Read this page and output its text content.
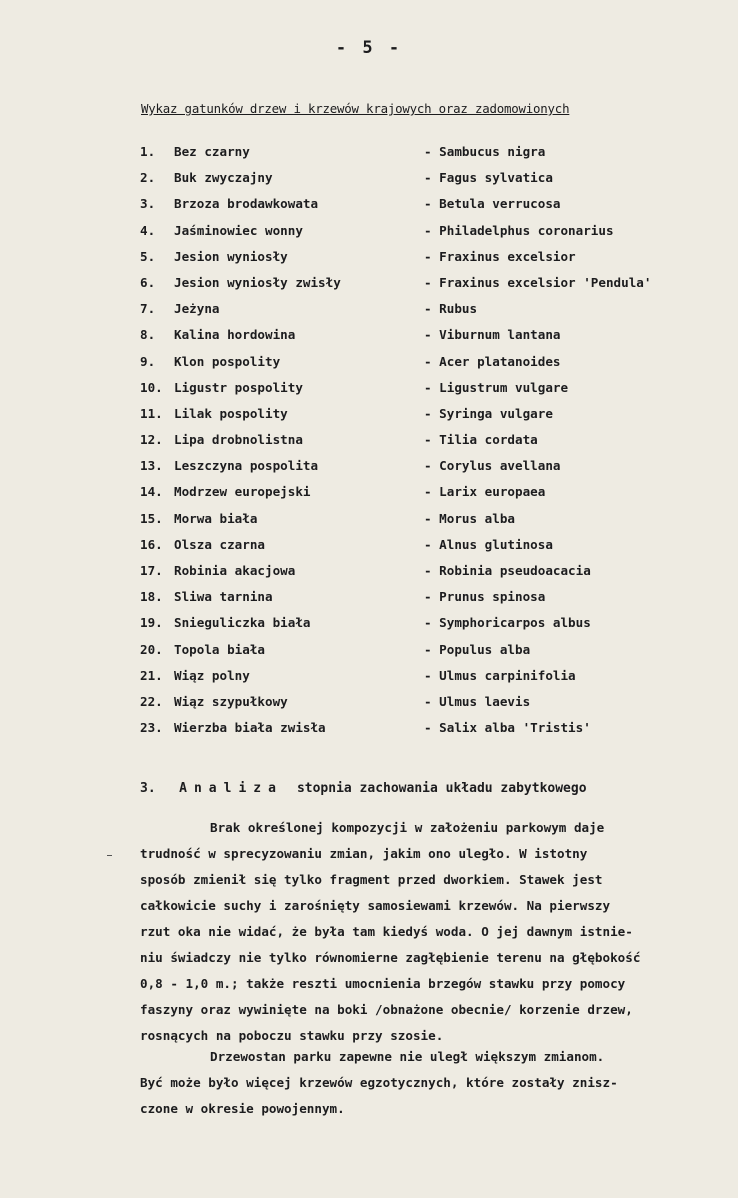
- 5 -
Wykaz gatunków drzew i krzewów krajowych oraz zadomowionych
1.	Bez czarny	- Sambucus nigra
2.	Buk zwyczajny	- Fagus sylvatica
3.	Brzoza brodawkowata	- Betula verrucosa
4.	Jaśminowiec wonny	- Philadelphus coronarius
5.	Jesion wyniosły	- Fraxinus excelsior
6.	Jesion wyniosły zwisły	- Fraxinus excelsior 'Pendula'
7.	Jeżyna	- Rubus
8.	Kalina hordowina	- Viburnum lantana
9.	Klon pospolity	- Acer platanoides
10. Ligustr pospolity	- Ligustrum vulgare
11. Lilak pospolity	- Syringa vulgare
12. Lipa drobnolistna	- Tilia cordata
13. Leszczyna pospolita	- Corylus avellana
14. Modrzew europejski	- Larix europaea
15. Morwa biała	- Morus alba
16. Olsza czarna	- Alnus glutinosa
17. Robinia akacjowa	- Robinia pseudoacacia
18. Sliwa tarnina	- Prunus spinosa
19. Snieguliczka biała	- Symphoricarpos albus
20. Topola biała	- Populus alba
21. Wiąz polny	- Ulmus carpinifolia
22. Wiąz szypułkowy	- Ulmus laevis
23. Wierzba biała zwisła	- Salix alba 'Tristis'
3. Analiza stopnia zachowania układu zabytkowego
Brak określonej kompozycji w założeniu parkowym daje
trudność w sprecyzowaniu zmian, jakim ono uległo. W istotny
sposób zmienił się tylko fragment przed dworkiem. Stawek jest
całkowicie suchy i zarośnięty samosiewami krzewów. Na pierwszy
rzut oka nie widać, że była tam kiedyś woda. O jej dawnym istnie-
niu świadczy nie tylko równomierne zagłębienie terenu na głębokość
0,8 - 1,0 m.; także reszti umocnienia brzegów stawku przy pomocy
faszyny oraz wywinięte na boki /obnażone obecnie/ korzenie drzew,
rosnących na poboczu stawku przy szosie.
Drzewostan parku zapewne nie uległ większym zmianom.
Być może było więcej krzewów egzotycznych, które zostały znisz-
czone w okresie powojennym.
